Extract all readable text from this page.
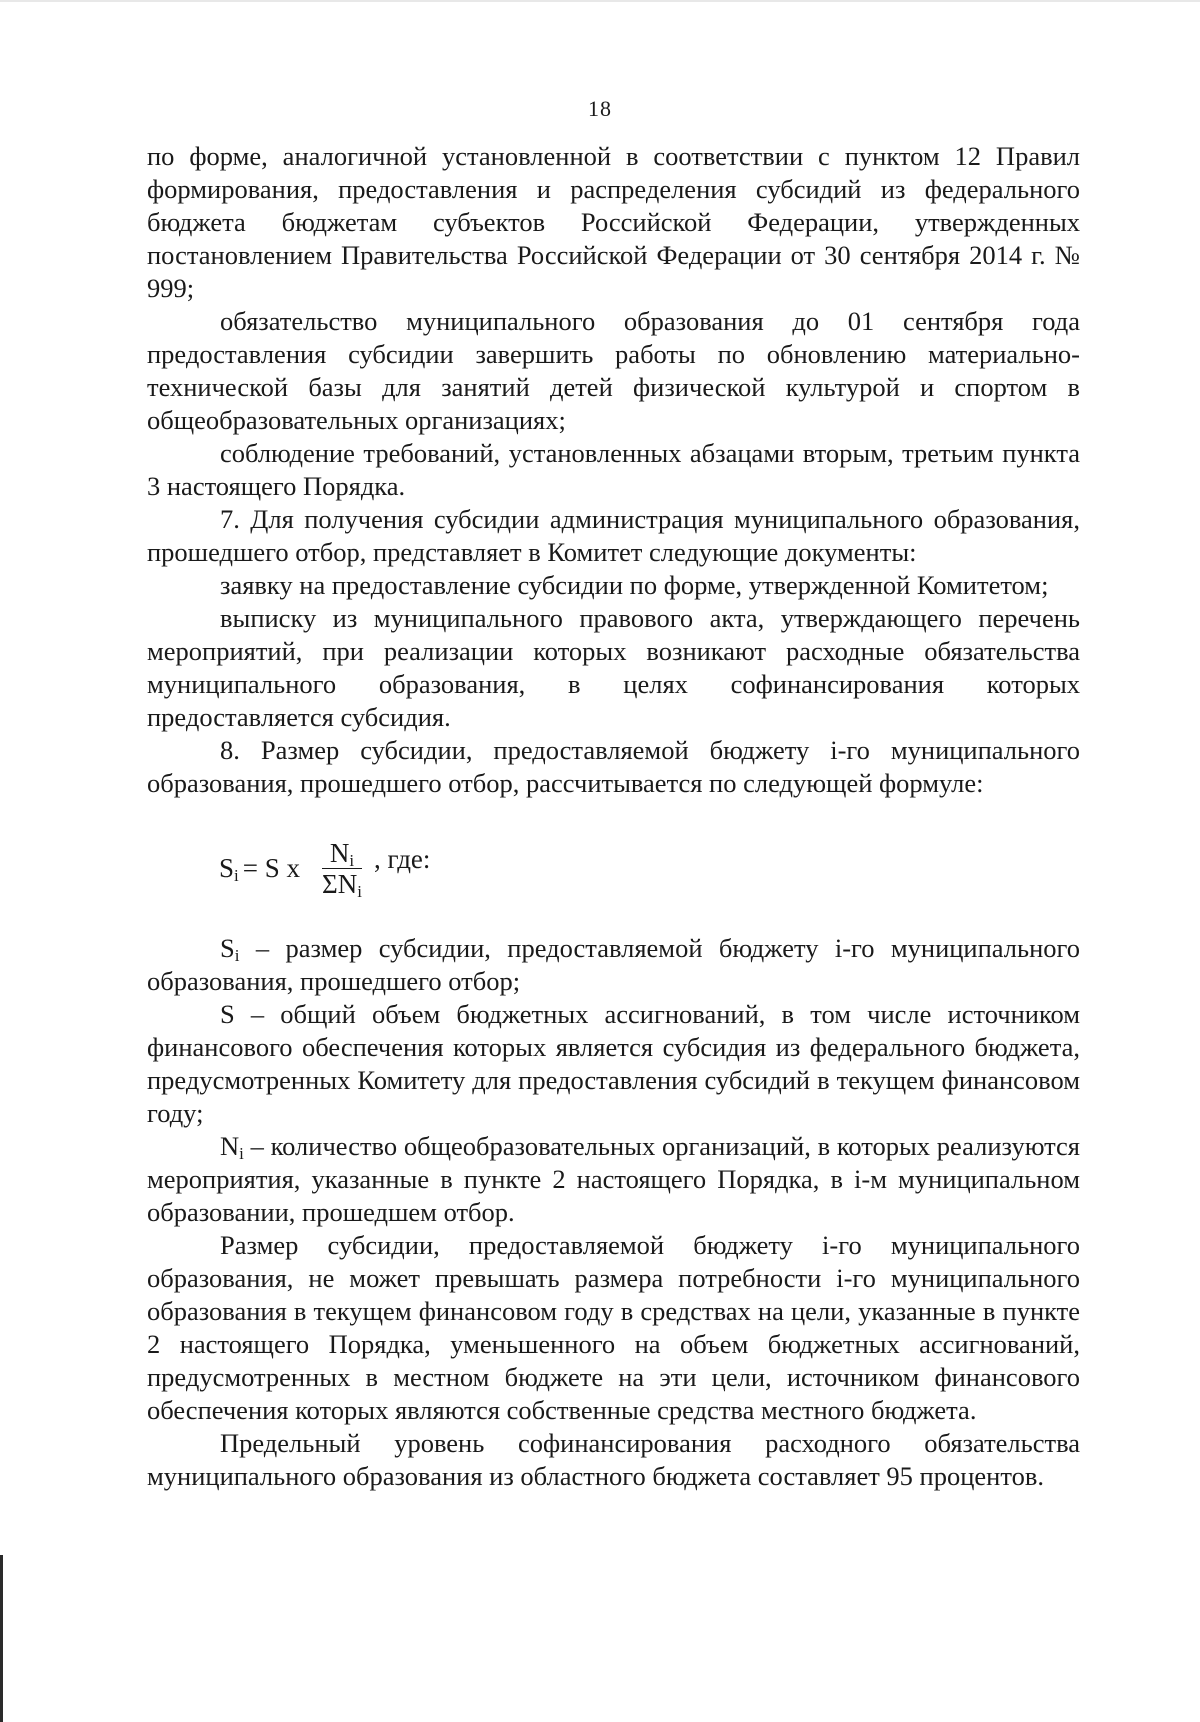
18

по форме, аналогичной установленной в соответствии с пунктом 12 Правил формирования, предоставления и распределения субсидий из федерального бюджета бюджетам субъектов Российской Федерации, утвержденных постановлением Правительства Российской Федерации от 30 сентября 2014 г. № 999;

обязательство муниципального образования до 01 сентября года предоставления субсидии завершить работы по обновлению материально-технической базы для занятий детей физической культурой и спортом в общеобразовательных организациях;

соблюдение требований, установленных абзацами вторым, третьим пункта 3 настоящего Порядка.

7. Для получения субсидии администрация муниципального образования, прошедшего отбор, представляет в Комитет следующие документы:

заявку на предоставление субсидии по форме, утвержденной Комитетом;

выписку из муниципального правового акта, утверждающего перечень мероприятий, при реализации которых возникают расходные обязательства муниципального образования, в целях софинансирования которых предоставляется субсидия.

8. Размер субсидии, предоставляемой бюджету i-го муниципального образования, прошедшего отбор, рассчитывается по следующей формуле:

$S_i = S$ x $\frac{N_i}{\Sigma N_i}$ , где:

$S_i$ – размер субсидии, предоставляемой бюджету i-го муниципального образования, прошедшего отбор;

S – общий объем бюджетных ассигнований, в том числе источником финансового обеспечения которых является субсидия из федерального бюджета, предусмотренных Комитету для предоставления субсидий в текущем финансовом году;

$N_i$ – количество общеобразовательных организаций, в которых реализуются мероприятия, указанные в пункте 2 настоящего Порядка, в i-м муниципальном образовании, прошедшем отбор.

Размер субсидии, предоставляемой бюджету i-го муниципального образования, не может превышать размера потребности i-го муниципального образования в текущем финансовом году в средствах на цели, указанные в пункте 2 настоящего Порядка, уменьшенного на объем бюджетных ассигнований, предусмотренных в местном бюджете на эти цели, источником финансового обеспечения которых являются собственные средства местного бюджета.

Предельный уровень софинансирования расходного обязательства муниципального образования из областного бюджета составляет 95 процентов.
